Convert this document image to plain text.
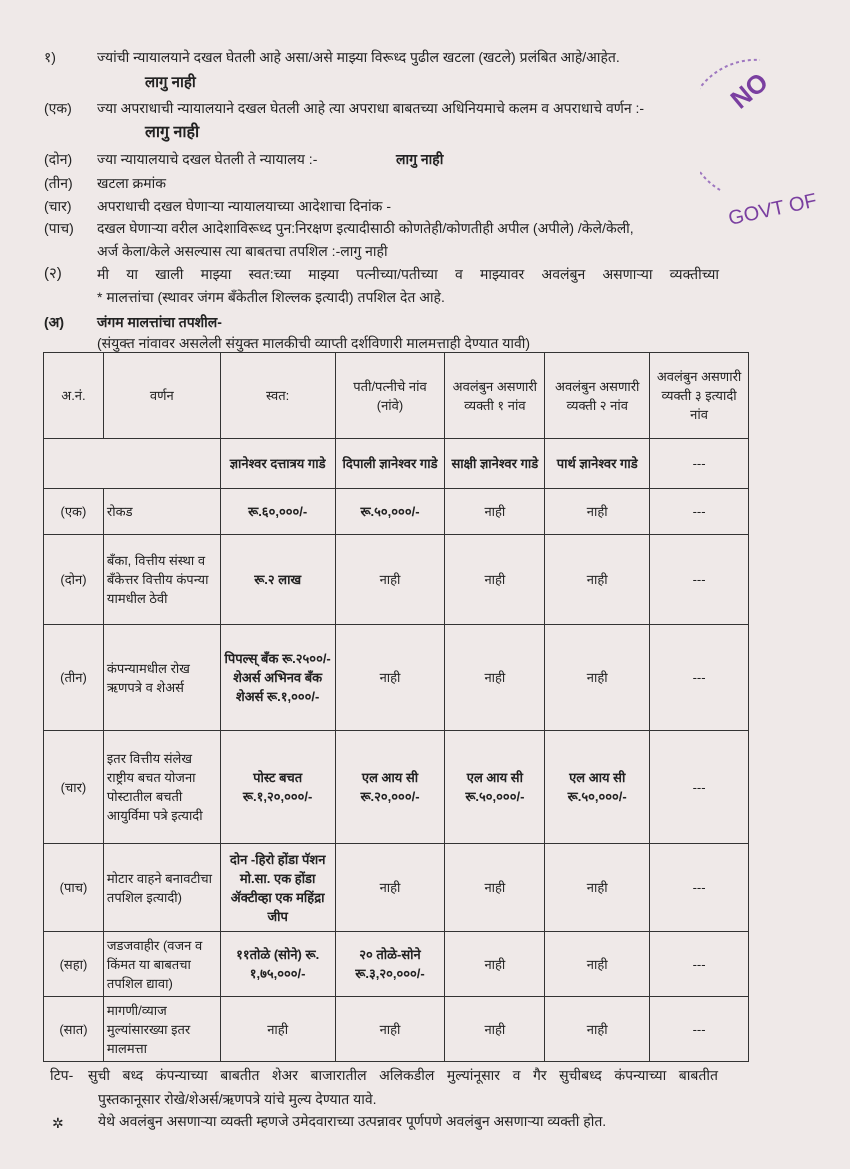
NO
GOVT OF
१)	ज्यांची न्यायालयाने दखल घेतली आहे असा/असे माझ्या विरूध्द पुढील खटला (खटले) प्रलंबित आहे/आहेत.
लागु नाही
(एक) ज्या अपराधाची न्यायालयाने दखल घेतली आहे त्या अपराधा बाबतच्या अधिनियमाचे कलम व अपराधाचे वर्णन :-
लागु नाही
(दोन) ज्या न्यायालयाचे दखल घेतली ते न्यायालय :-	लागु नाही
(तीन) खटला क्रमांक
(चार) अपराधाची दखल घेणाऱ्या न्यायालयाच्या आदेशाचा दिनांक -
(पाच) दखल घेणाऱ्या वरील आदेशाविरूध्द पुन:निरक्षण इत्यादीसाठी कोणतेही/कोणतीही अपील (अपीले) /केले/केली,
अर्ज केला/केले असल्यास त्या बाबतचा तपशिल :-लागु नाही
(२)	मी या खाली माझ्या स्वत:च्या माझ्या पत्नीच्या/पतीच्या व माझ्यावर अवलंबुन असणाऱ्या व्यक्तीच्या
* मालत्तांचा (स्थावर जंगम बँकेतील शिल्लक इत्यादी) तपशिल देत आहे.
(अ) जंगम मालत्तांचा तपशील-
(संयुक्त नांवावर असलेली संयुक्त मालकीची व्याप्ती दर्शविणारी मालमत्ताही देण्यात यावी)
अ.नं.	वर्णन	स्वत:	पती/पत्नीचे नांव (नांवे)	अवलंबुन असणारी व्यक्ती १ नांव	अवलंबुन असणारी व्यक्ती २ नांव	अवलंबुन असणारी व्यक्ती ३ इत्यादी नांव
		ज्ञानेश्वर दत्तात्रय गाडे	दिपाली ज्ञानेश्वर गाडे	साक्षी ज्ञानेश्वर गाडे	पार्थ ज्ञानेश्वर गाडे	---
(एक)	रोकड	रू.६०,०००/-	रू.५०,०००/-	नाही	नाही	---
(दोन)	बँका, वित्तीय संस्था व बँकेत्तर वित्तीय कंपन्या यामधील ठेवी	रू.२ लाख	नाही	नाही	नाही	---
(तीन)	कंपन्यामधील रोख ऋणपत्रे व शेअर्स	पिपल्स् बँक रू.२५००/- शेअर्स अभिनव बँक शेअर्स रू.१,०००/-	नाही	नाही	नाही	---
(चार)	इतर वित्तीय संलेख राष्ट्रीय बचत योजना पोस्टातील बचती आयुर्विमा पत्रे इत्यादी	पोस्ट बचत रू.१,२०,०००/-	एल आय सी रू.२०,०००/-	एल आय सी रू.५०,०००/-	एल आय सी रू.५०,०००/-	---
(पाच)	मोटार वाहने बनावटीचा तपशिल इत्यादी)	दोन -हिरो होंडा पॅशन मो.सा. एक होंडा ॲक्टीव्हा एक महिंद्रा जीप	नाही	नाही	नाही	---
(सहा)	जडजवाहीर (वजन व किंमत या बाबतचा तपशिल द्यावा)	११तोळे (सोने) रू. १,७५,०००/-	२० तोळे-सोने रू.३,२०,०००/-	नाही	नाही	---
(सात)	मागणी/व्याज मुल्यांसारख्या इतर मालमत्ता	नाही	नाही	नाही	नाही	---
टिप- सुची बध्द कंपन्याच्या बाबतीत शेअर बाजारातील अलिकडील मुल्यांनूसार व गैर सुचीबध्द कंपन्याच्या बाबतीत
पुस्तकानूसार रोखे/शेअर्स/ऋणपत्रे यांचे मुल्य देण्यात यावे.
✲ येथे अवलंबुन असणाऱ्या व्यक्ती म्हणजे उमेदवाराच्या उत्पन्नावर पूर्णपणे अवलंबुन असणाऱ्या व्यक्ती होत.
